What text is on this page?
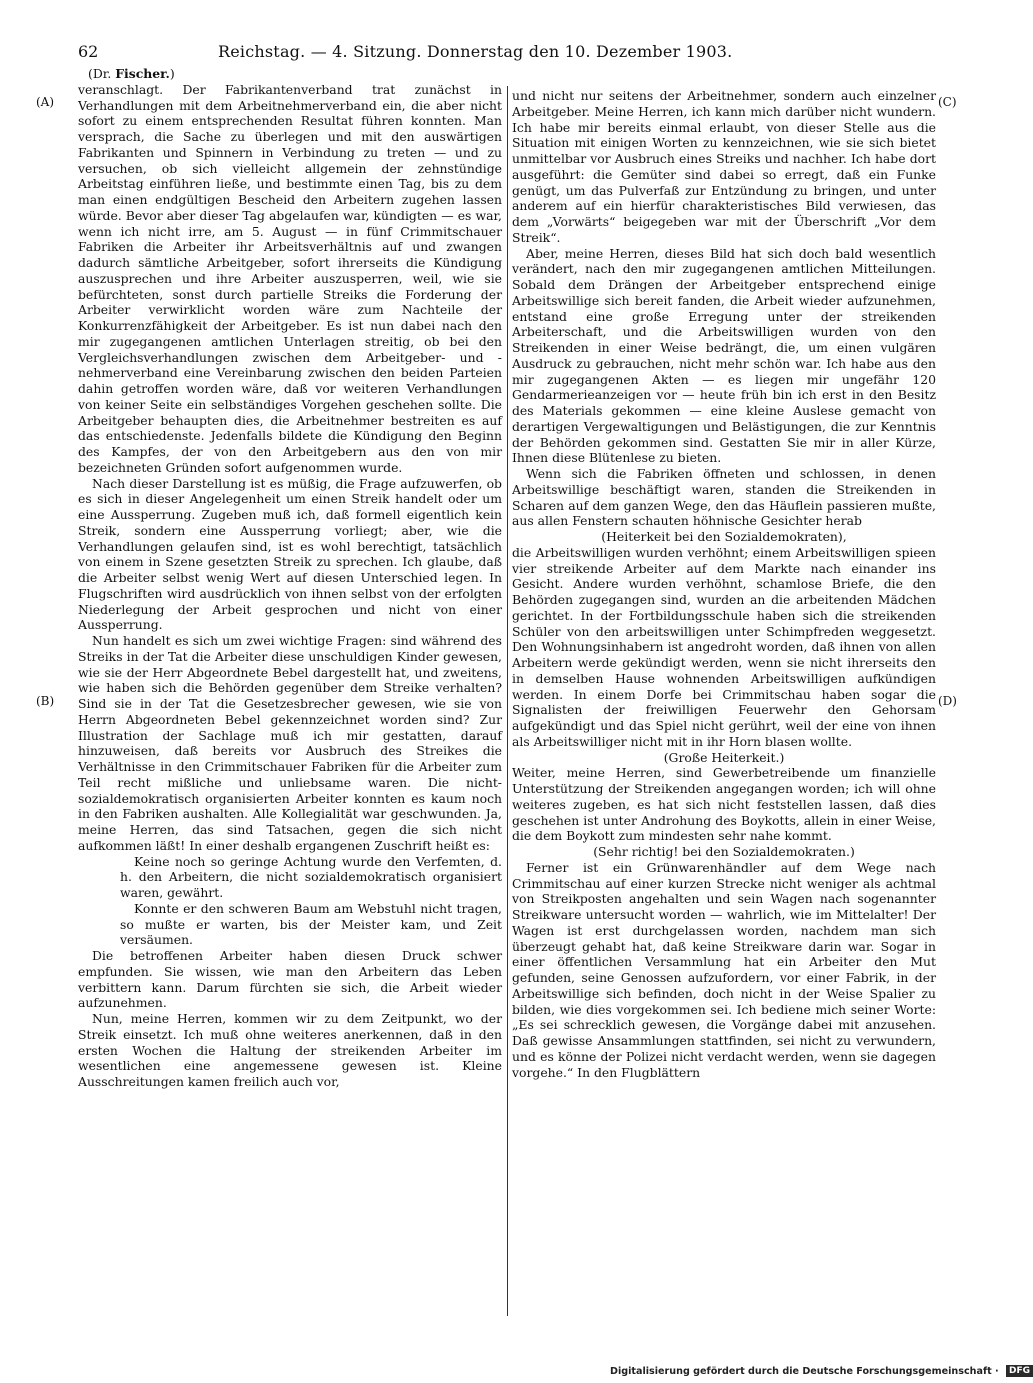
62	Reichstag. — 4. Sitzung. Donnerstag den 10. Dezember 1903.
(A)
(B)
(C)
(D)

(Dr. Fischer.)

veranschlagt. Der Fabrikantenverband trat zunächst in Verhandlungen mit dem Arbeitnehmerverband ein, die aber nicht sofort zu einem entsprechenden Resultat führen konnten. Man versprach, die Sache zu überlegen und mit den auswärtigen Fabrikanten und Spinnern in Verbindung zu treten — und zu versuchen, ob sich vielleicht allgemein der zehnstündige Arbeitstag einführen ließe, und bestimmte einen Tag, bis zu dem man einen endgültigen Bescheid den Arbeitern zugehen lassen würde. Bevor aber dieser Tag abgelaufen war, kündigten — es war, wenn ich nicht irre, am 5. August — in fünf Crimmitschauer Fabriken die Arbeiter ihr Arbeitsverhältnis auf und zwangen dadurch sämtliche Arbeitgeber, sofort ihrerseits die Kündigung auszusprechen und ihre Arbeiter auszusperren, weil, wie sie befürchteten, sonst durch partielle Streiks die Forderung der Arbeiter verwirklicht worden wäre zum Nachteile der Konkurrenzfähigkeit der Arbeitgeber. Es ist nun dabei nach den mir zugegangenen amtlichen Unterlagen streitig, ob bei den Vergleichsverhandlungen zwischen dem Arbeitgeber- und -nehmerverband eine Vereinbarung zwischen den beiden Parteien dahin getroffen worden wäre, daß vor weiteren Verhandlungen von keiner Seite ein selbständiges Vorgehen geschehen sollte. Die Arbeitgeber behaupten dies, die Arbeitnehmer bestreiten es auf das entschiedenste. Jedenfalls bildete die Kündigung den Beginn des Kampfes, der von den Arbeitgebern aus den von mir bezeichneten Gründen sofort aufgenommen wurde.

Nach dieser Darstellung ist es müßig, die Frage aufzuwerfen, ob es sich in dieser Angelegenheit um einen Streik handelt oder um eine Aussperrung. Zugeben muß ich, daß formell eigentlich kein Streik, sondern eine Aussperrung vorliegt; aber, wie die Verhandlungen gelaufen sind, ist es wohl berechtigt, tatsächlich von einem in Szene gesetzten Streik zu sprechen. Ich glaube, daß die Arbeiter selbst wenig Wert auf diesen Unterschied legen. In Flugschriften wird ausdrücklich von ihnen selbst von der erfolgten Niederlegung der Arbeit gesprochen und nicht von einer Aussperrung.

Nun handelt es sich um zwei wichtige Fragen: sind während des Streiks in der Tat die Arbeiter diese unschuldigen Kinder gewesen, wie sie der Herr Abgeordnete Bebel dargestellt hat, und zweitens, wie haben sich die Behörden gegenüber dem Streike verhalten? Sind sie in der Tat die Gesetzesbrecher gewesen, wie sie von Herrn Abgeordneten Bebel gekennzeichnet worden sind? Zur Illustration der Sachlage muß ich mir gestatten, darauf hinzuweisen, daß bereits vor Ausbruch des Streikes die Verhältnisse in den Crimmitschauer Fabriken für die Arbeiter zum Teil recht mißliche und unliebsame waren. Die nicht-sozialdemokratisch organisierten Arbeiter konnten es kaum noch in den Fabriken aushalten. Alle Kollegialität war geschwunden. Ja, meine Herren, das sind Tatsachen, gegen die sich nicht aufkommen läßt! In einer deshalb ergangenen Zuschrift heißt es:

Keine noch so geringe Achtung wurde den Verfemten, d. h. den Arbeitern, die nicht sozialdemokratisch organisiert waren, gewährt.

Konnte er den schweren Baum am Webstuhl nicht tragen, so mußte er warten, bis der Meister kam, und Zeit versäumen.

Die betroffenen Arbeiter haben diesen Druck schwer empfunden. Sie wissen, wie man den Arbeitern das Leben verbittern kann. Darum fürchten sie sich, die Arbeit wieder aufzunehmen.

Nun, meine Herren, kommen wir zu dem Zeitpunkt, wo der Streik einsetzt. Ich muß ohne weiteres anerkennen, daß in den ersten Wochen die Haltung der streikenden Arbeiter im wesentlichen eine angemessene gewesen ist. Kleine Ausschreitungen kamen freilich auch vor,

und nicht nur seitens der Arbeitnehmer, sondern auch einzelner Arbeitgeber. Meine Herren, ich kann mich darüber nicht wundern. Ich habe mir bereits einmal erlaubt, von dieser Stelle aus die Situation mit einigen Worten zu kennzeichnen, wie sie sich bietet unmittelbar vor Ausbruch eines Streiks und nachher. Ich habe dort ausgeführt: die Gemüter sind dabei so erregt, daß ein Funke genügt, um das Pulverfaß zur Entzündung zu bringen, und unter anderem auf ein hierfür charakteristisches Bild verwiesen, das dem „Vorwärts“ beigegeben war mit der Überschrift „Vor dem Streik“.

Aber, meine Herren, dieses Bild hat sich doch bald wesentlich verändert, nach den mir zugegangenen amtlichen Mitteilungen. Sobald dem Drängen der Arbeitgeber entsprechend einige Arbeitswillige sich bereit fanden, die Arbeit wieder aufzunehmen, entstand eine große Erregung unter der streikenden Arbeiterschaft, und die Arbeitswilligen wurden von den Streikenden in einer Weise bedrängt, die, um einen vulgären Ausdruck zu gebrauchen, nicht mehr schön war. Ich habe aus den mir zugegangenen Akten — es liegen mir ungefähr 120 Gendarmerieanzeigen vor — heute früh bin ich erst in den Besitz des Materials gekommen — eine kleine Auslese gemacht von derartigen Vergewaltigungen und Belästigungen, die zur Kenntnis der Behörden gekommen sind. Gestatten Sie mir in aller Kürze, Ihnen diese Blütenlese zu bieten.

Wenn sich die Fabriken öffneten und schlossen, in denen Arbeitswillige beschäftigt waren, standen die Streikenden in Scharen auf dem ganzen Wege, den das Häuflein passieren mußte, aus allen Fenstern schauten höhnische Gesichter herab

(Heiterkeit bei den Sozialdemokraten),

die Arbeitswilligen wurden verhöhnt; einem Arbeitswilligen spieen vier streikende Arbeiter auf dem Markte nach einander ins Gesicht. Andere wurden verhöhnt, schamlose Briefe, die den Behörden zugegangen sind, wurden an die arbeitenden Mädchen gerichtet. In der Fortbildungsschule haben sich die streikenden Schüler von den arbeitswilligen unter Schimpfreden weggesetzt. Den Wohnungsinhabern ist angedroht worden, daß ihnen von allen Arbeitern werde gekündigt werden, wenn sie nicht ihrerseits den in demselben Hause wohnenden Arbeitswilligen aufkündigen werden. In einem Dorfe bei Crimmitschau haben sogar die Signalisten der freiwilligen Feuerwehr den Gehorsam aufgekündigt und das Spiel nicht gerührt, weil der eine von ihnen als Arbeitswilliger nicht mit in ihr Horn blasen wollte.

(Große Heiterkeit.)

Weiter, meine Herren, sind Gewerbetreibende um finanzielle Unterstützung der Streikenden angegangen worden; ich will ohne weiteres zugeben, es hat sich nicht feststellen lassen, daß dies geschehen ist unter Androhung des Boykotts, allein in einer Weise, die dem Boykott zum mindesten sehr nahe kommt.

(Sehr richtig! bei den Sozialdemokraten.)

Ferner ist ein Grünwarenhändler auf dem Wege nach Crimmitschau auf einer kurzen Strecke nicht weniger als achtmal von Streikposten angehalten und sein Wagen nach sogenannter Streikware untersucht worden — wahrlich, wie im Mittelalter! Der Wagen ist erst durchgelassen worden, nachdem man sich überzeugt gehabt hat, daß keine Streikware darin war. Sogar in einer öffentlichen Versammlung hat ein Arbeiter den Mut gefunden, seine Genossen aufzufordern, vor einer Fabrik, in der Arbeitswillige sich befinden, doch nicht in der Weise Spalier zu bilden, wie dies vorgekommen sei. Ich bediene mich seiner Worte: „Es sei schrecklich gewesen, die Vorgänge dabei mit anzusehen. Daß gewisse Ansammlungen stattfinden, sei nicht zu verwundern, und es könne der Polizei nicht verdacht werden, wenn sie dagegen vorgehe.“ In den Flugblättern

Digitalisierung gefördert durch die Deutsche Forschungsgemeinschaft · DFG
